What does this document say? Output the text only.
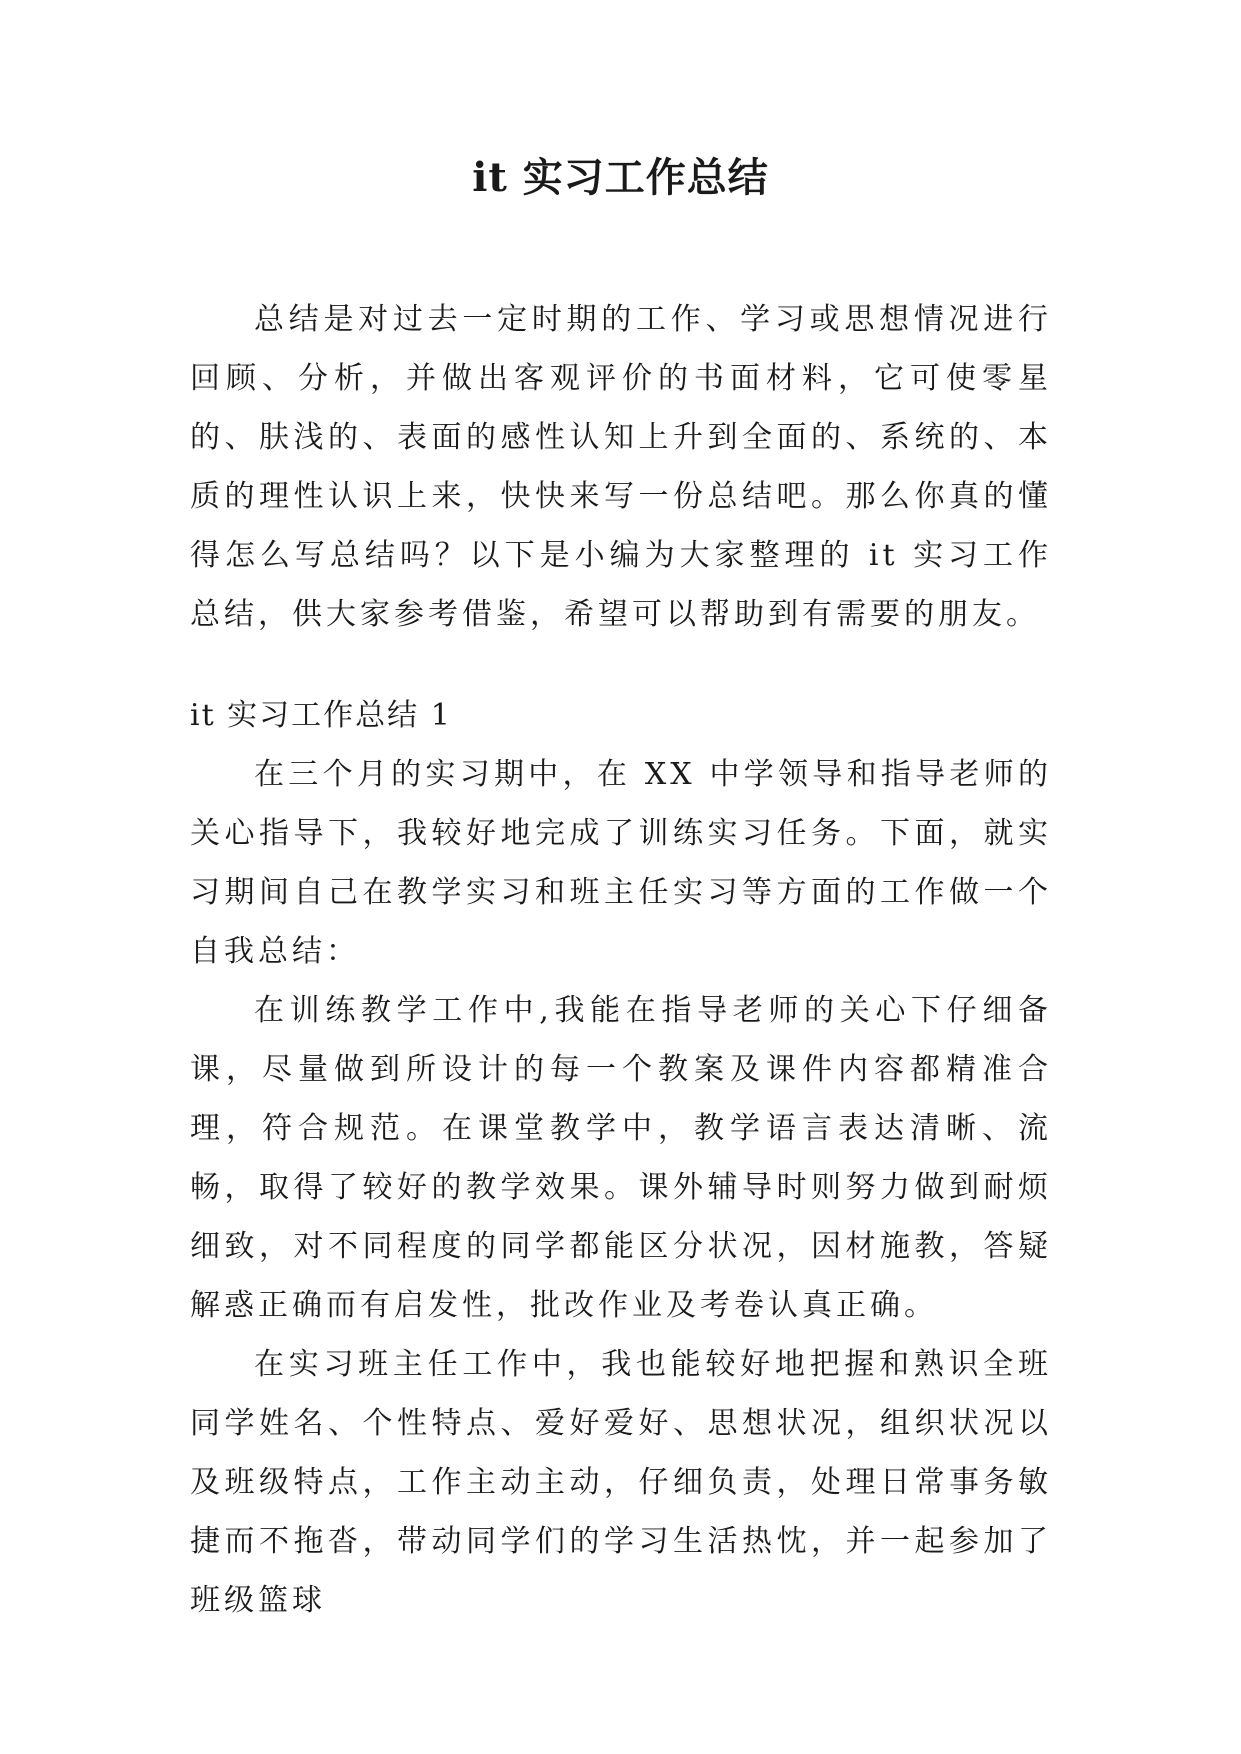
it 实习工作总结

总结是对过去一定时期的工作、学习或思想情况进行回顾、分析，并做出客观评价的书面材料，它可使零星的、肤浅的、表面的感性认知上升到全面的、系统的、本质的理性认识上来，快快来写一份总结吧。那么你真的懂得怎么写总结吗？以下是小编为大家整理的 it 实习工作总结，供大家参考借鉴，希望可以帮助到有需要的朋友。

it 实习工作总结 1

在三个月的实习期中，在 XX 中学领导和指导老师的关心指导下，我较好地完成了训练实习任务。下面，就实习期间自己在教学实习和班主任实习等方面的工作做一个自我总结：

在训练教学工作中,我能在指导老师的关心下仔细备课，尽量做到所设计的每一个教案及课件内容都精准合理，符合规范。在课堂教学中，教学语言表达清晰、流畅，取得了较好的教学效果。课外辅导时则努力做到耐烦细致，对不同程度的同学都能区分状况，因材施教，答疑解惑正确而有启发性，批改作业及考卷认真正确。

在实习班主任工作中，我也能较好地把握和熟识全班同学姓名、个性特点、爱好爱好、思想状况，组织状况以及班级特点，工作主动主动，仔细负责，处理日常事务敏捷而不拖沓，带动同学们的学习生活热忱，并一起参加了班级篮球
